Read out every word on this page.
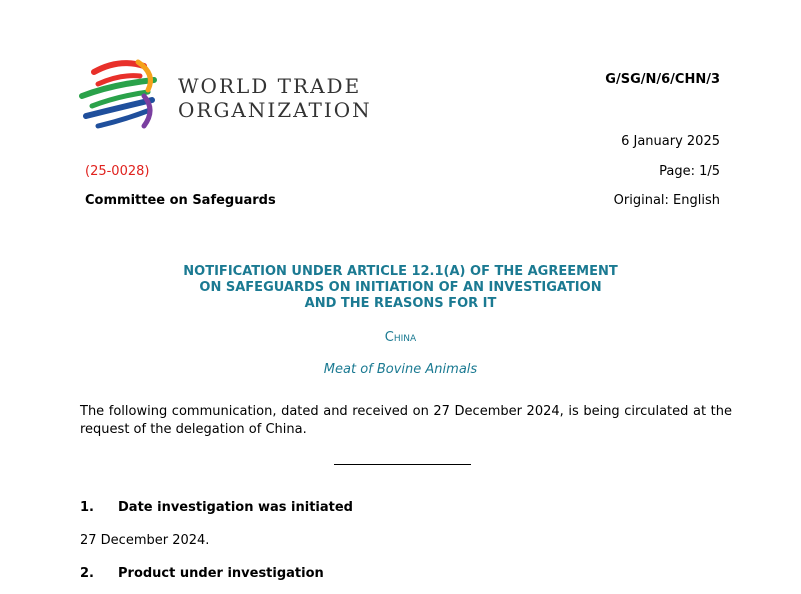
WORLD TRADE
ORGANIZATION
G/SG/N/6/CHN/3
6 January 2025
(25-0028)	Page: 1/5
Committee on Safeguards	Original: English
NOTIFICATION UNDER ARTICLE 12.1(A) OF THE AGREEMENT
ON SAFEGUARDS ON INITIATION OF AN INVESTIGATION
AND THE REASONS FOR IT
China
Meat of Bovine Animals
The following communication, dated and received on 27 December 2024, is being circulated at the request of the delegation of China.
1. Date investigation was initiated
27 December 2024.
2. Product under investigation
